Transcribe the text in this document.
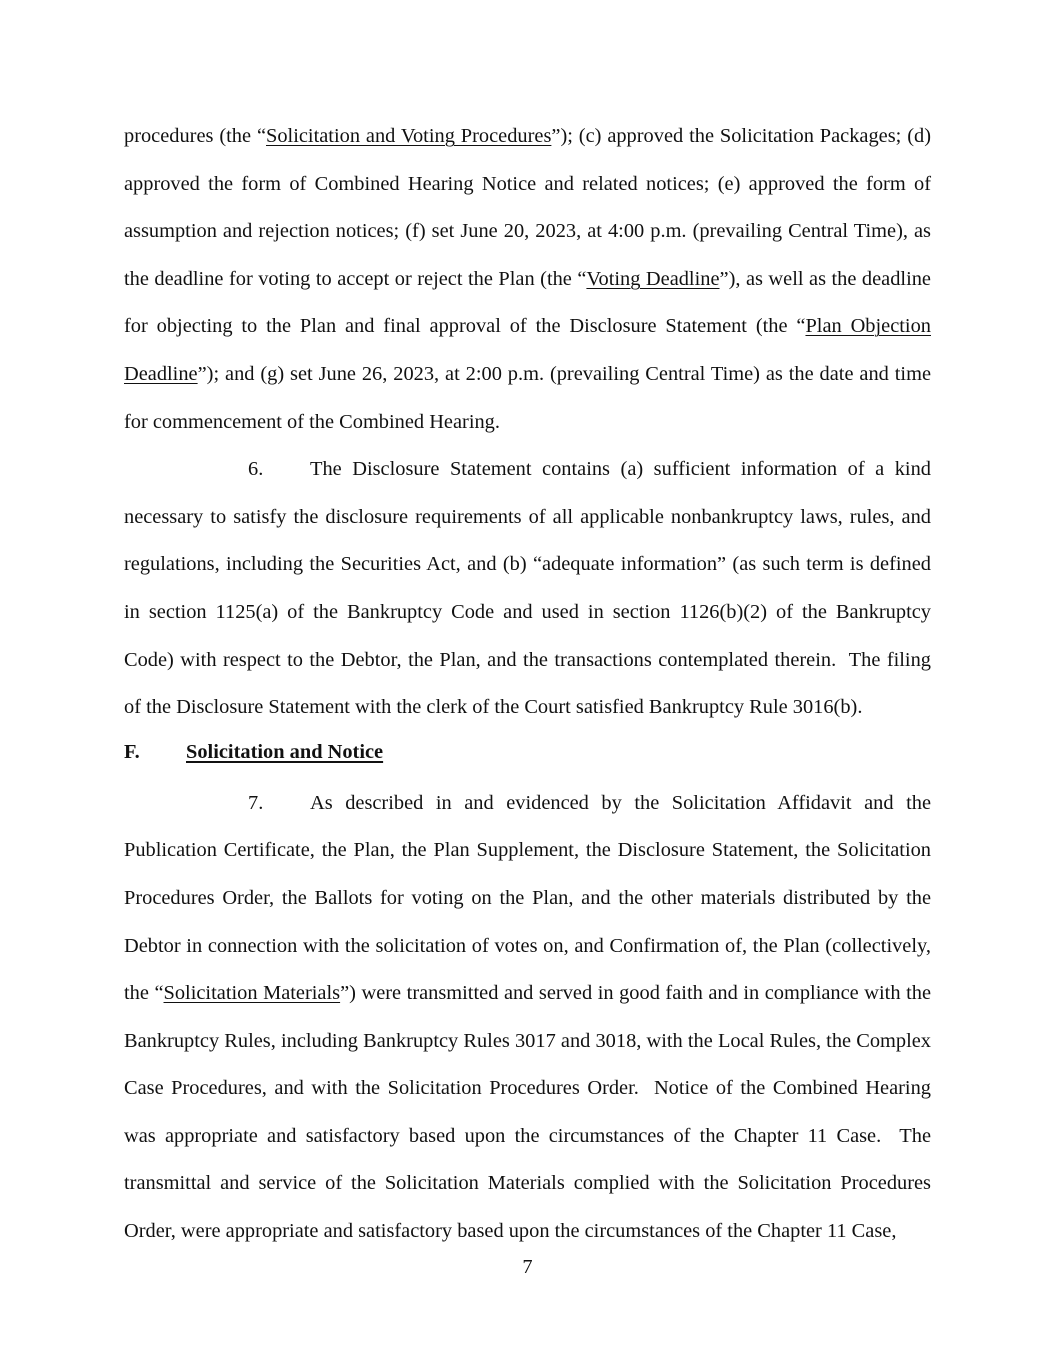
procedures (the “Solicitation and Voting Procedures”); (c) approved the Solicitation Packages; (d) approved the form of Combined Hearing Notice and related notices; (e) approved the form of assumption and rejection notices; (f) set June 20, 2023, at 4:00 p.m. (prevailing Central Time), as the deadline for voting to accept or reject the Plan (the “Voting Deadline”), as well as the deadline for objecting to the Plan and final approval of the Disclosure Statement (the “Plan Objection Deadline”); and (g) set June 26, 2023, at 2:00 p.m. (prevailing Central Time) as the date and time for commencement of the Combined Hearing.

6. The Disclosure Statement contains (a) sufficient information of a kind necessary to satisfy the disclosure requirements of all applicable nonbankruptcy laws, rules, and regulations, including the Securities Act, and (b) “adequate information” (as such term is defined in section 1125(a) of the Bankruptcy Code and used in section 1126(b)(2) of the Bankruptcy Code) with respect to the Debtor, the Plan, and the transactions contemplated therein.  The filing of the Disclosure Statement with the clerk of the Court satisfied Bankruptcy Rule 3016(b).

F.	Solicitation and Notice

7. As described in and evidenced by the Solicitation Affidavit and the Publication Certificate, the Plan, the Plan Supplement, the Disclosure Statement, the Solicitation Procedures Order, the Ballots for voting on the Plan, and the other materials distributed by the Debtor in connection with the solicitation of votes on, and Confirmation of, the Plan (collectively, the “Solicitation Materials”) were transmitted and served in good faith and in compliance with the Bankruptcy Rules, including Bankruptcy Rules 3017 and 3018, with the Local Rules, the Complex Case Procedures, and with the Solicitation Procedures Order.  Notice of the Combined Hearing was appropriate and satisfactory based upon the circumstances of the Chapter 11 Case.  The transmittal and service of the Solicitation Materials complied with the Solicitation Procedures Order, were appropriate and satisfactory based upon the circumstances of the Chapter 11 Case,

7
